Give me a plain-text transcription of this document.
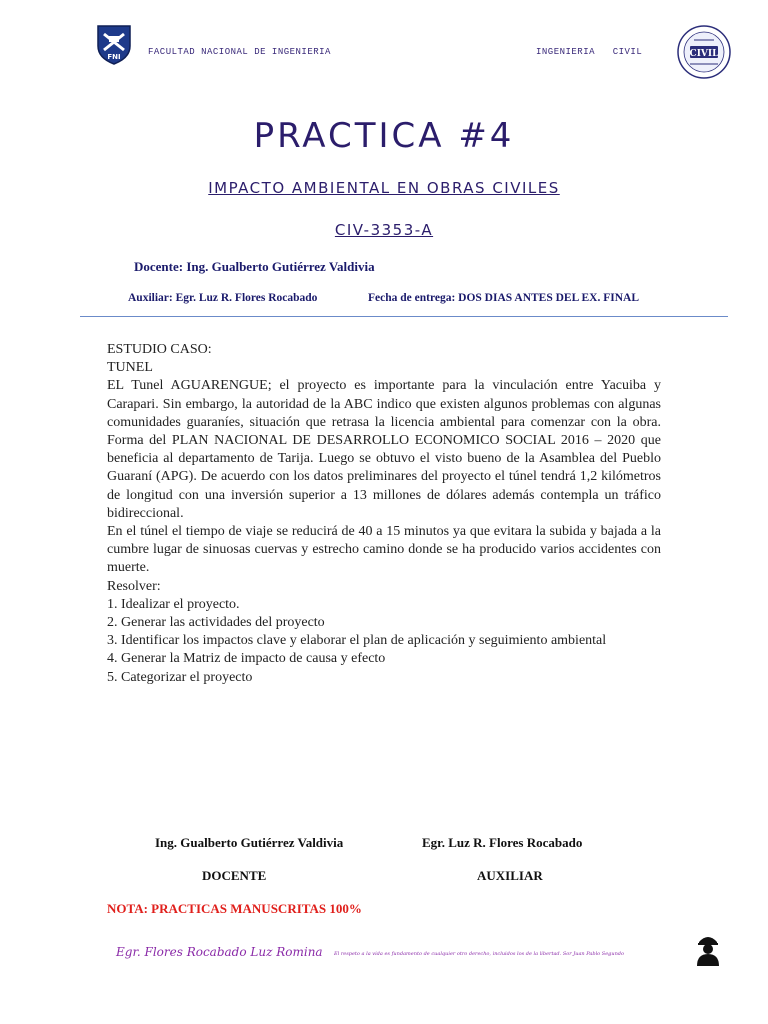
FNI	FACULTAD NACIONAL DE INGENIERIA	INGENIERIA   CIVIL	CIVIL
PRACTICA #4
IMPACTO AMBIENTAL EN OBRAS CIVILES
CIV-3353-A
Docente: Ing. Gualberto Gutiérrez Valdivia
Auxiliar: Egr. Luz R. Flores Rocabado	Fecha de entrega: DOS DIAS ANTES DEL EX. FINAL

ESTUDIO CASO:

TUNEL

EL Tunel AGUARENGUE; el proyecto es importante para la vinculación entre Yacuiba y Carapari. Sin embargo, la autoridad de la ABC indico que existen algunos problemas con algunas comunidades guaraníes, situación que retrasa la licencia ambiental para comenzar con la obra. Forma del PLAN NACIONAL DE DESARROLLO ECONOMICO SOCIAL 2016 – 2020 que beneficia al departamento de Tarija. Luego se obtuvo el visto bueno de la Asamblea del Pueblo Guaraní (APG). De acuerdo con los datos preliminares del proyecto el túnel tendrá 1,2 kilómetros de longitud con una inversión superior a 13 millones de dólares además contempla un tráfico bidireccional.

En el túnel el tiempo de viaje se reducirá de 40 a 15 minutos ya que evitara la subida y bajada a la cumbre lugar de sinuosas cuervas y estrecho camino donde se ha producido varios accidentes con muerte.

Resolver:

1. Idealizar el proyecto.

2. Generar las actividades del proyecto

3. Identificar los impactos clave y elaborar el plan de aplicación y seguimiento ambiental

4. Generar la Matriz de impacto de causa y efecto

5. Categorizar el proyecto

Ing. Gualberto Gutiérrez Valdivia	Egr. Luz R. Flores Rocabado
DOCENTE	AUXILIAR
NOTA: PRACTICAS MANUSCRITAS 100%
Egr. Flores Rocabado Luz Romina El respeto a la vida es fundamento de cualquier otro derecho, incluidos los de la libertad. Sor Juan Pablo Segundo
